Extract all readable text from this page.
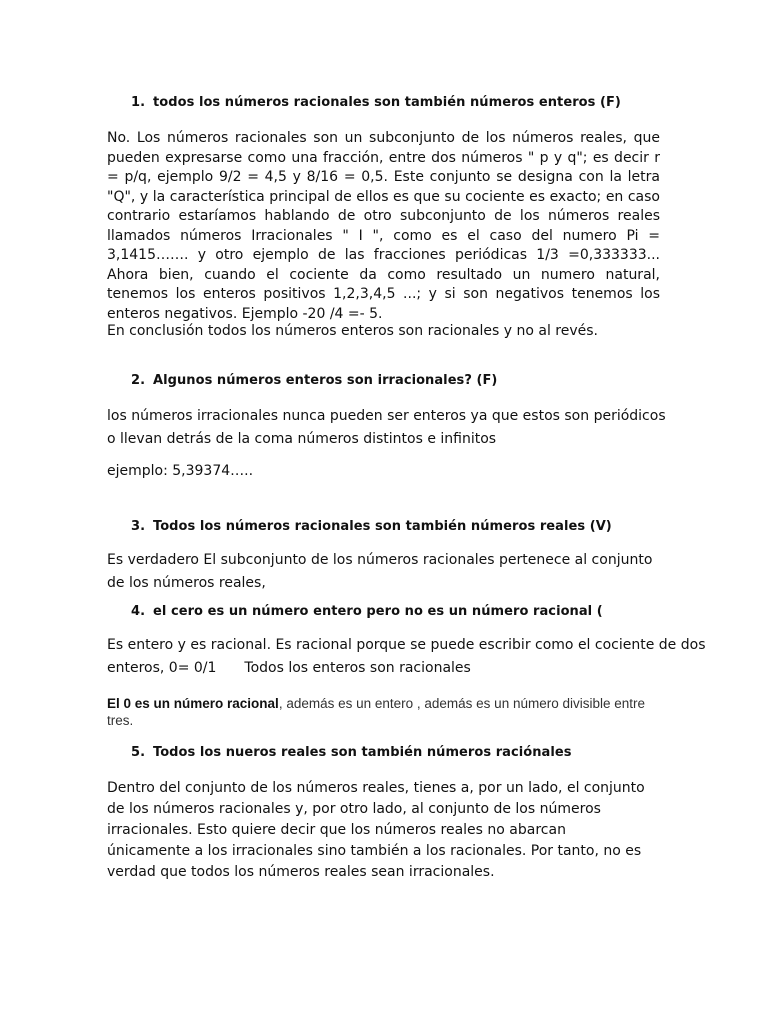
1. todos los números racionales son también números enteros (F)

No. Los números racionales son un subconjunto de los números reales, que pueden expresarse como una fracción, entre dos números " p y q"; es decir r = p/q, ejemplo 9/2 = 4,5 y 8/16 = 0,5. Este conjunto se designa con la letra "Q", y la característica principal de ellos es que su cociente es exacto; en caso contrario estaríamos hablando de otro subconjunto de los números reales llamados números Irracionales " I ", como es el caso del numero Pi = 3,1415……. y otro ejemplo de las fracciones periódicas 1/3 =0,333333... Ahora bien, cuando el cociente da como resultado un numero natural, tenemos los enteros positivos 1,2,3,4,5 ...; y si son negativos tenemos los enteros negativos. Ejemplo -20 /4 =- 5.

En conclusión todos los números enteros son racionales y no al revés.

2. Algunos números enteros son irracionales? (F)

los números irracionales nunca pueden ser enteros ya que estos son periódicos o llevan detrás de la coma números distintos e infinitos

ejemplo: 5,39374…..

3. Todos los números racionales son también números reales (V)

Es verdadero El subconjunto de los números racionales pertenece al conjunto de los números reales,

4. el cero es un número entero pero no es un número racional (
Es entero y es racional. Es racional porque se puede escribir como el cociente de dos
enteros, 0= 0/1 Todos los enteros son racionales

El 0 es un número racional, además es un entero , además es un número divisible entre tres.

5. Todos los nueros reales son también números raciónales

Dentro del conjunto de los números reales, tienes a, por un lado, el conjunto de los números racionales y, por otro lado, al conjunto de los números irracionales. Esto quiere decir que los números reales no abarcan únicamente a los irracionales sino también a los racionales. Por tanto, no es verdad que todos los números reales sean irracionales.
